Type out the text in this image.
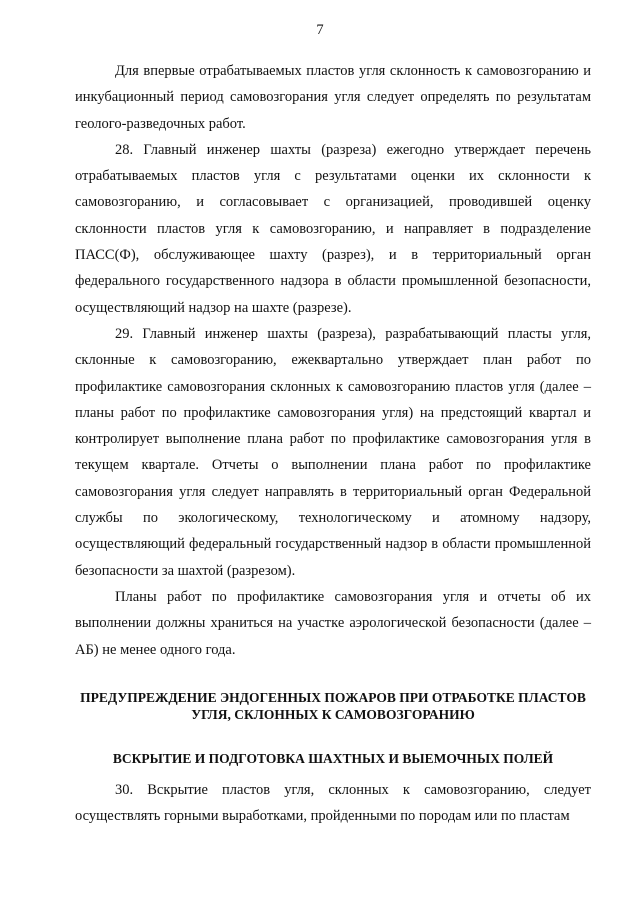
7

Для впервые отрабатываемых пластов угля склонность к самовозгоранию и инкубационный период самовозгорания угля следует определять по результатам геолого-разведочных работ.

28. Главный инженер шахты (разреза) ежегодно утверждает перечень отрабатываемых пластов угля с результатами оценки их склонности к самовозгоранию, и согласовывает с организацией, проводившей оценку склонности пластов угля к самовозгоранию, и направляет в подразделение ПАСС(Ф), обслуживающее шахту (разрез), и в территориальный орган федерального государственного надзора в области промышленной безопасности, осуществляющий надзор на шахте (разрезе).

29. Главный инженер шахты (разреза), разрабатывающий пласты угля, склонные к самовозгоранию, ежеквартально утверждает план работ по профилактике самовозгорания склонных к самовозгоранию пластов угля (далее – планы работ по профилактике самовозгорания угля) на предстоящий квартал и контролирует выполнение плана работ по профилактике самовозгорания угля в текущем квартале. Отчеты о выполнении плана работ по профилактике самовозгорания угля следует направлять в территориальный орган Федеральной службы по экологическому, технологическому и атомному надзору, осуществляющий федеральный государственный надзор в области промышленной безопасности за шахтой (разрезом).

Планы работ по профилактике самовозгорания угля и отчеты об их выполнении должны храниться на участке аэрологической безопасности (далее – АБ) не менее одного года.

ПРЕДУПРЕЖДЕНИЕ ЭНДОГЕННЫХ ПОЖАРОВ ПРИ ОТРАБОТКЕ ПЛАСТОВ
УГЛЯ, СКЛОННЫХ К САМОВОЗГОРАНИЮ
ВСКРЫТИЕ И ПОДГОТОВКА ШАХТНЫХ И ВЫЕМОЧНЫХ ПОЛЕЙ

30. Вскрытие пластов угля, склонных к самовозгоранию, следует осуществлять горными выработками, пройденными по породам или по пластам
